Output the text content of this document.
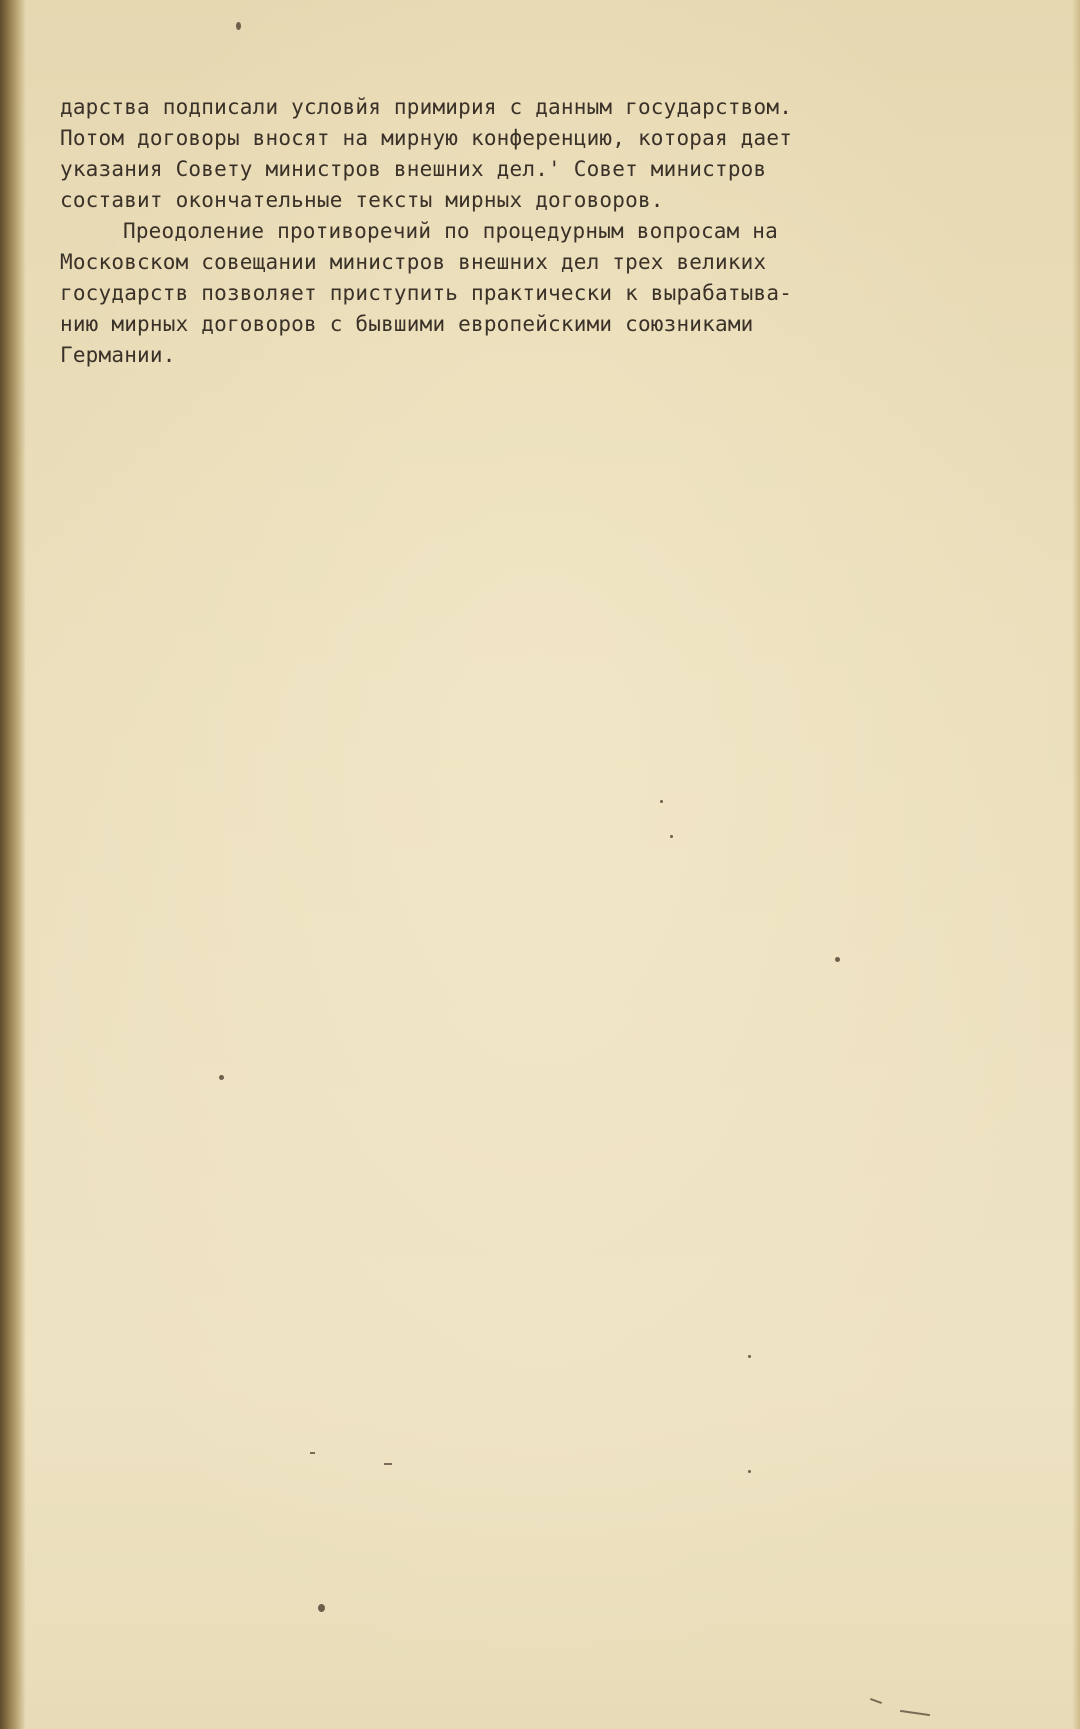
дарства подписали условйя примирия с данным государством.
Потом договоры вносят на мирную конференцию, которая дает
указания Совету министров внешних дел.' Совет министров
составит окончательные тексты мирных договоров.
Преодоление противоречий по процедурным вопросам на
Московском совещании министров внешних дел трех великих
государств позволяет приступить практически к вырабатыва-
нию мирных договоров с бывшими европейскими союзниками
Германии.
